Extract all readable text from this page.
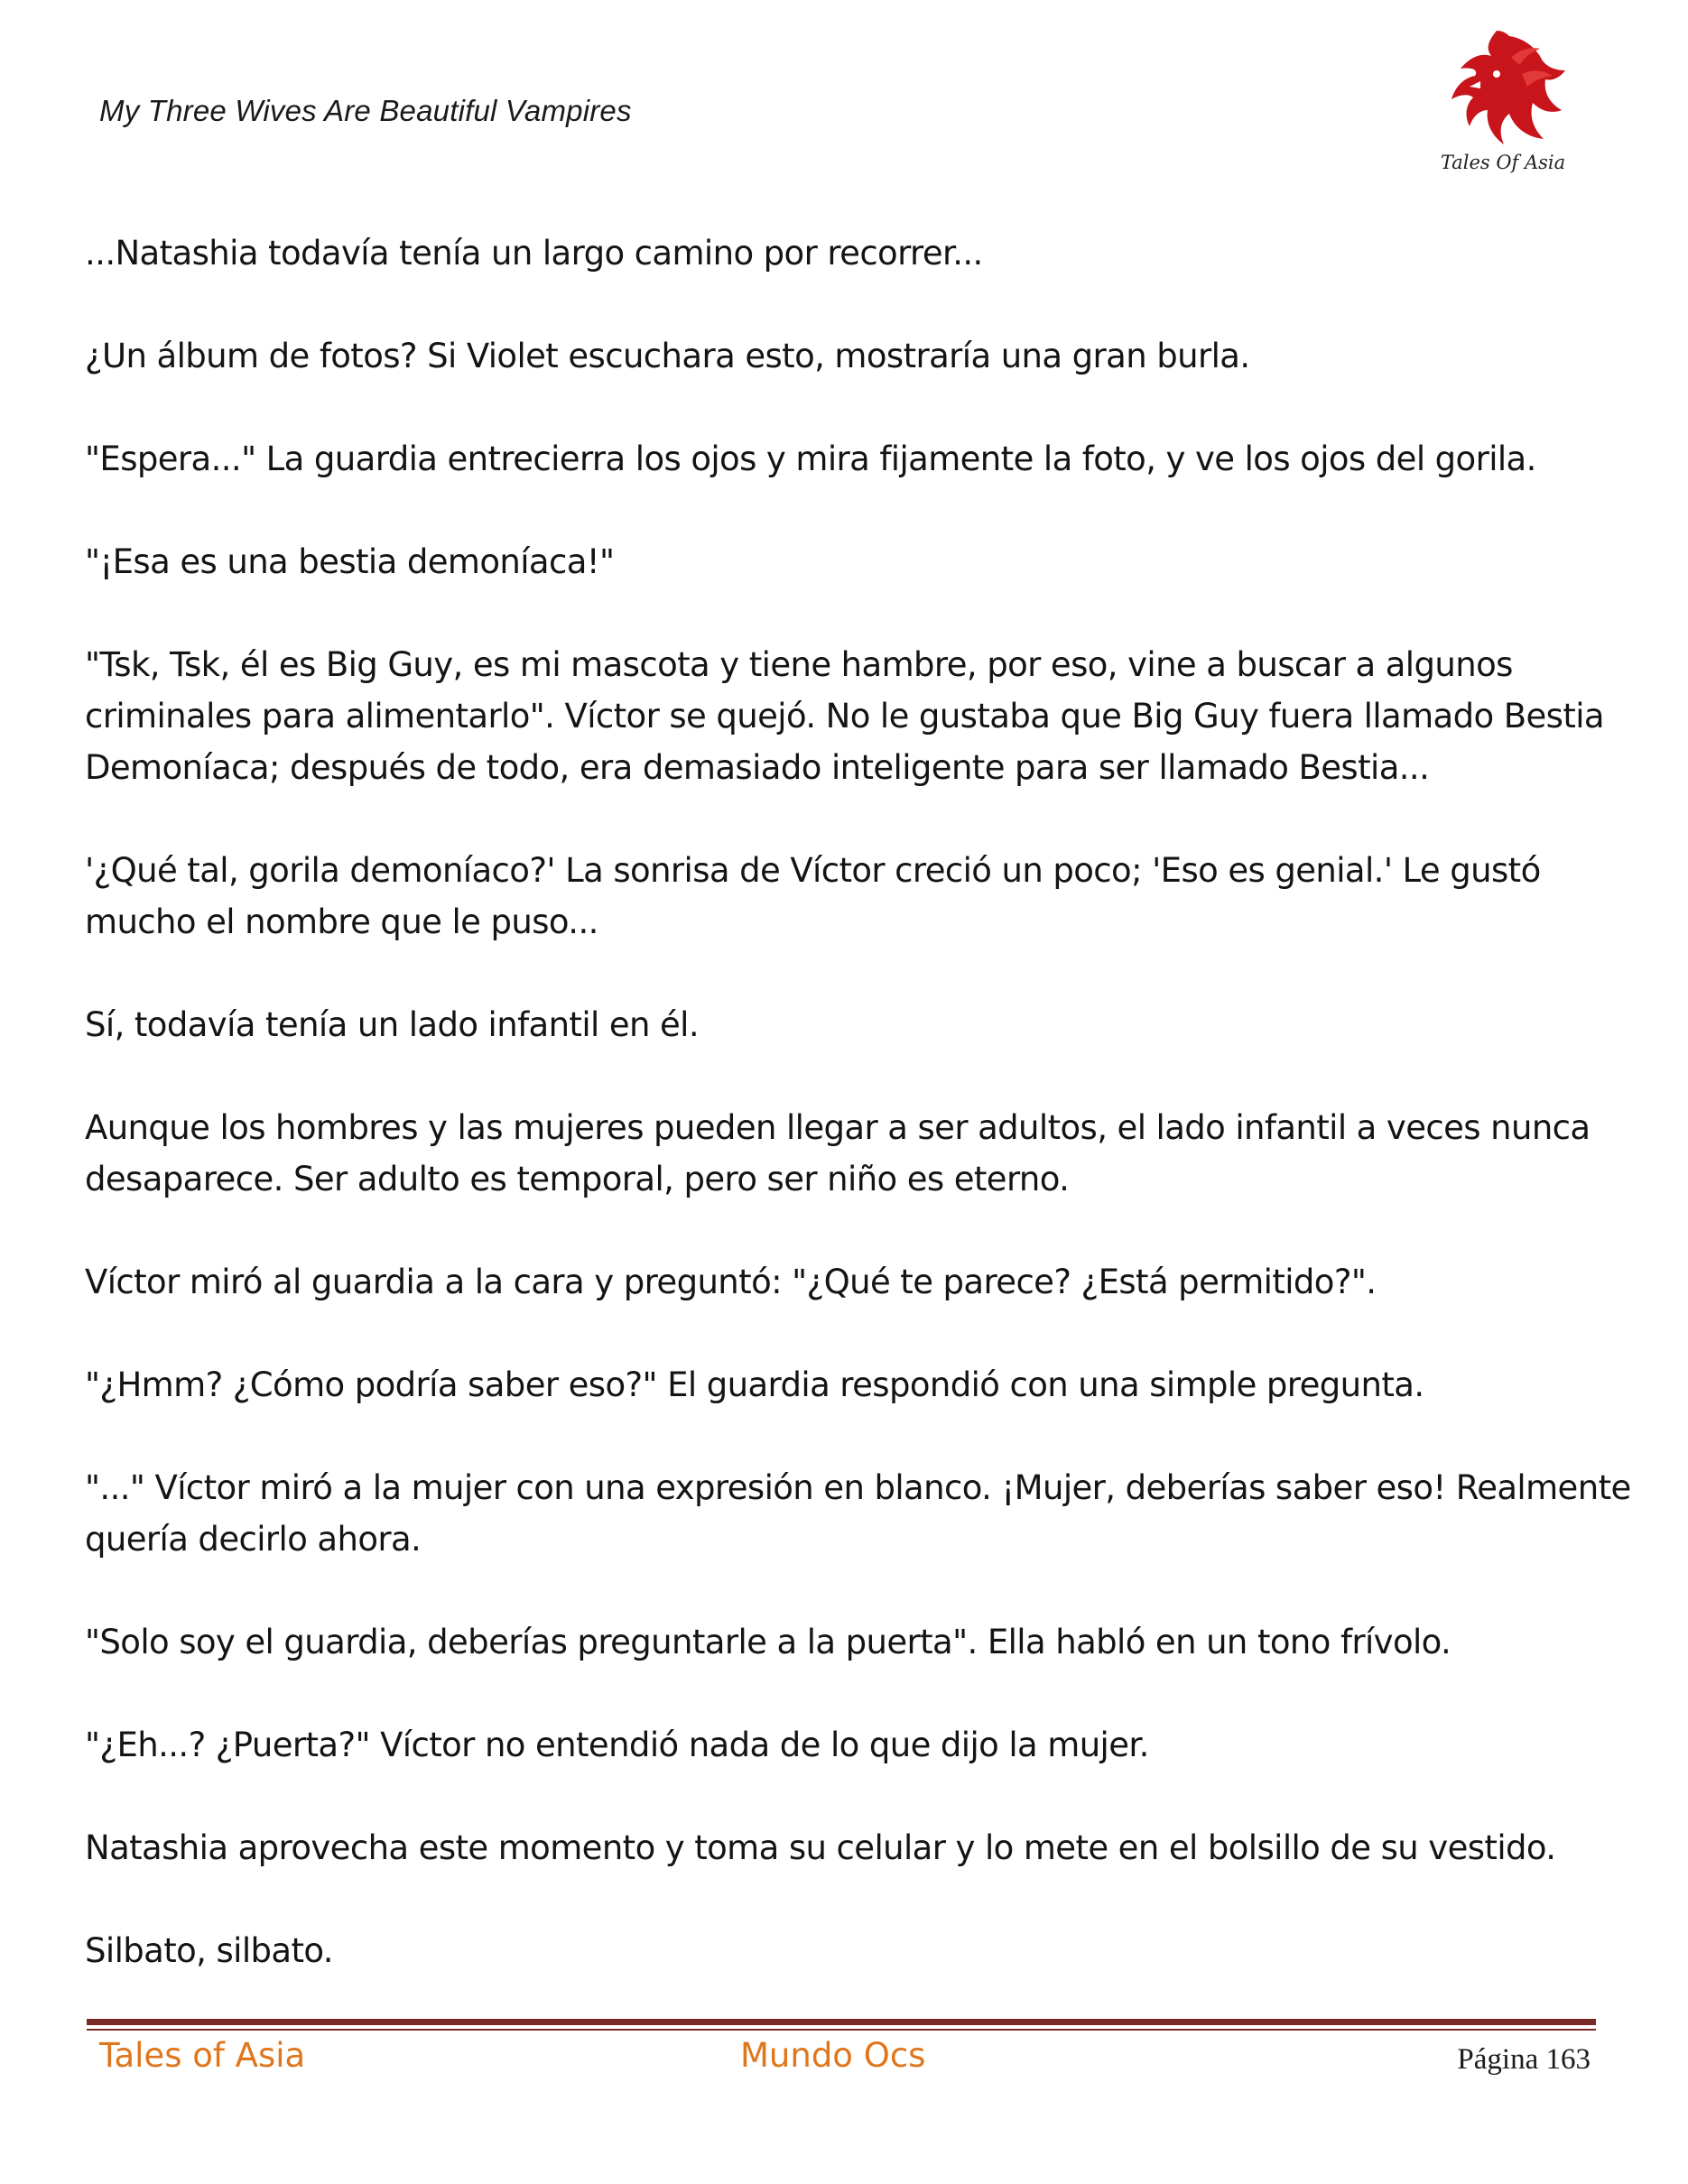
My Three Wives Are Beautiful Vampires
Tales Of Asia

...Natashia todavía tenía un largo camino por recorrer...

¿Un álbum de fotos? Si Violet escuchara esto, mostraría una gran burla.

"Espera..." La guardia entrecierra los ojos y mira fijamente la foto, y ve los ojos del gorila.

"¡Esa es una bestia demoníaca!"

"Tsk, Tsk, él es Big Guy, es mi mascota y tiene hambre, por eso, vine a buscar a algunos criminales para alimentarlo". Víctor se quejó. No le gustaba que Big Guy fuera llamado Bestia Demoníaca; después de todo, era demasiado inteligente para ser llamado Bestia...

'¿Qué tal, gorila demoníaco?' La sonrisa de Víctor creció un poco; 'Eso es genial.' Le gustó mucho el nombre que le puso...

Sí, todavía tenía un lado infantil en él.

Aunque los hombres y las mujeres pueden llegar a ser adultos, el lado infantil a veces nunca desaparece. Ser adulto es temporal, pero ser niño es eterno.

Víctor miró al guardia a la cara y preguntó: "¿Qué te parece? ¿Está permitido?".

"¿Hmm? ¿Cómo podría saber eso?" El guardia respondió con una simple pregunta.

"..." Víctor miró a la mujer con una expresión en blanco. ¡Mujer, deberías saber eso! Realmente quería decirlo ahora.

"Solo soy el guardia, deberías preguntarle a la puerta". Ella habló en un tono frívolo.

"¿Eh...? ¿Puerta?" Víctor no entendió nada de lo que dijo la mujer.

Natashia aprovecha este momento y toma su celular y lo mete en el bolsillo de su vestido.

Silbato, silbato.

Tales of Asia	Mundo Ocs	Página 163
